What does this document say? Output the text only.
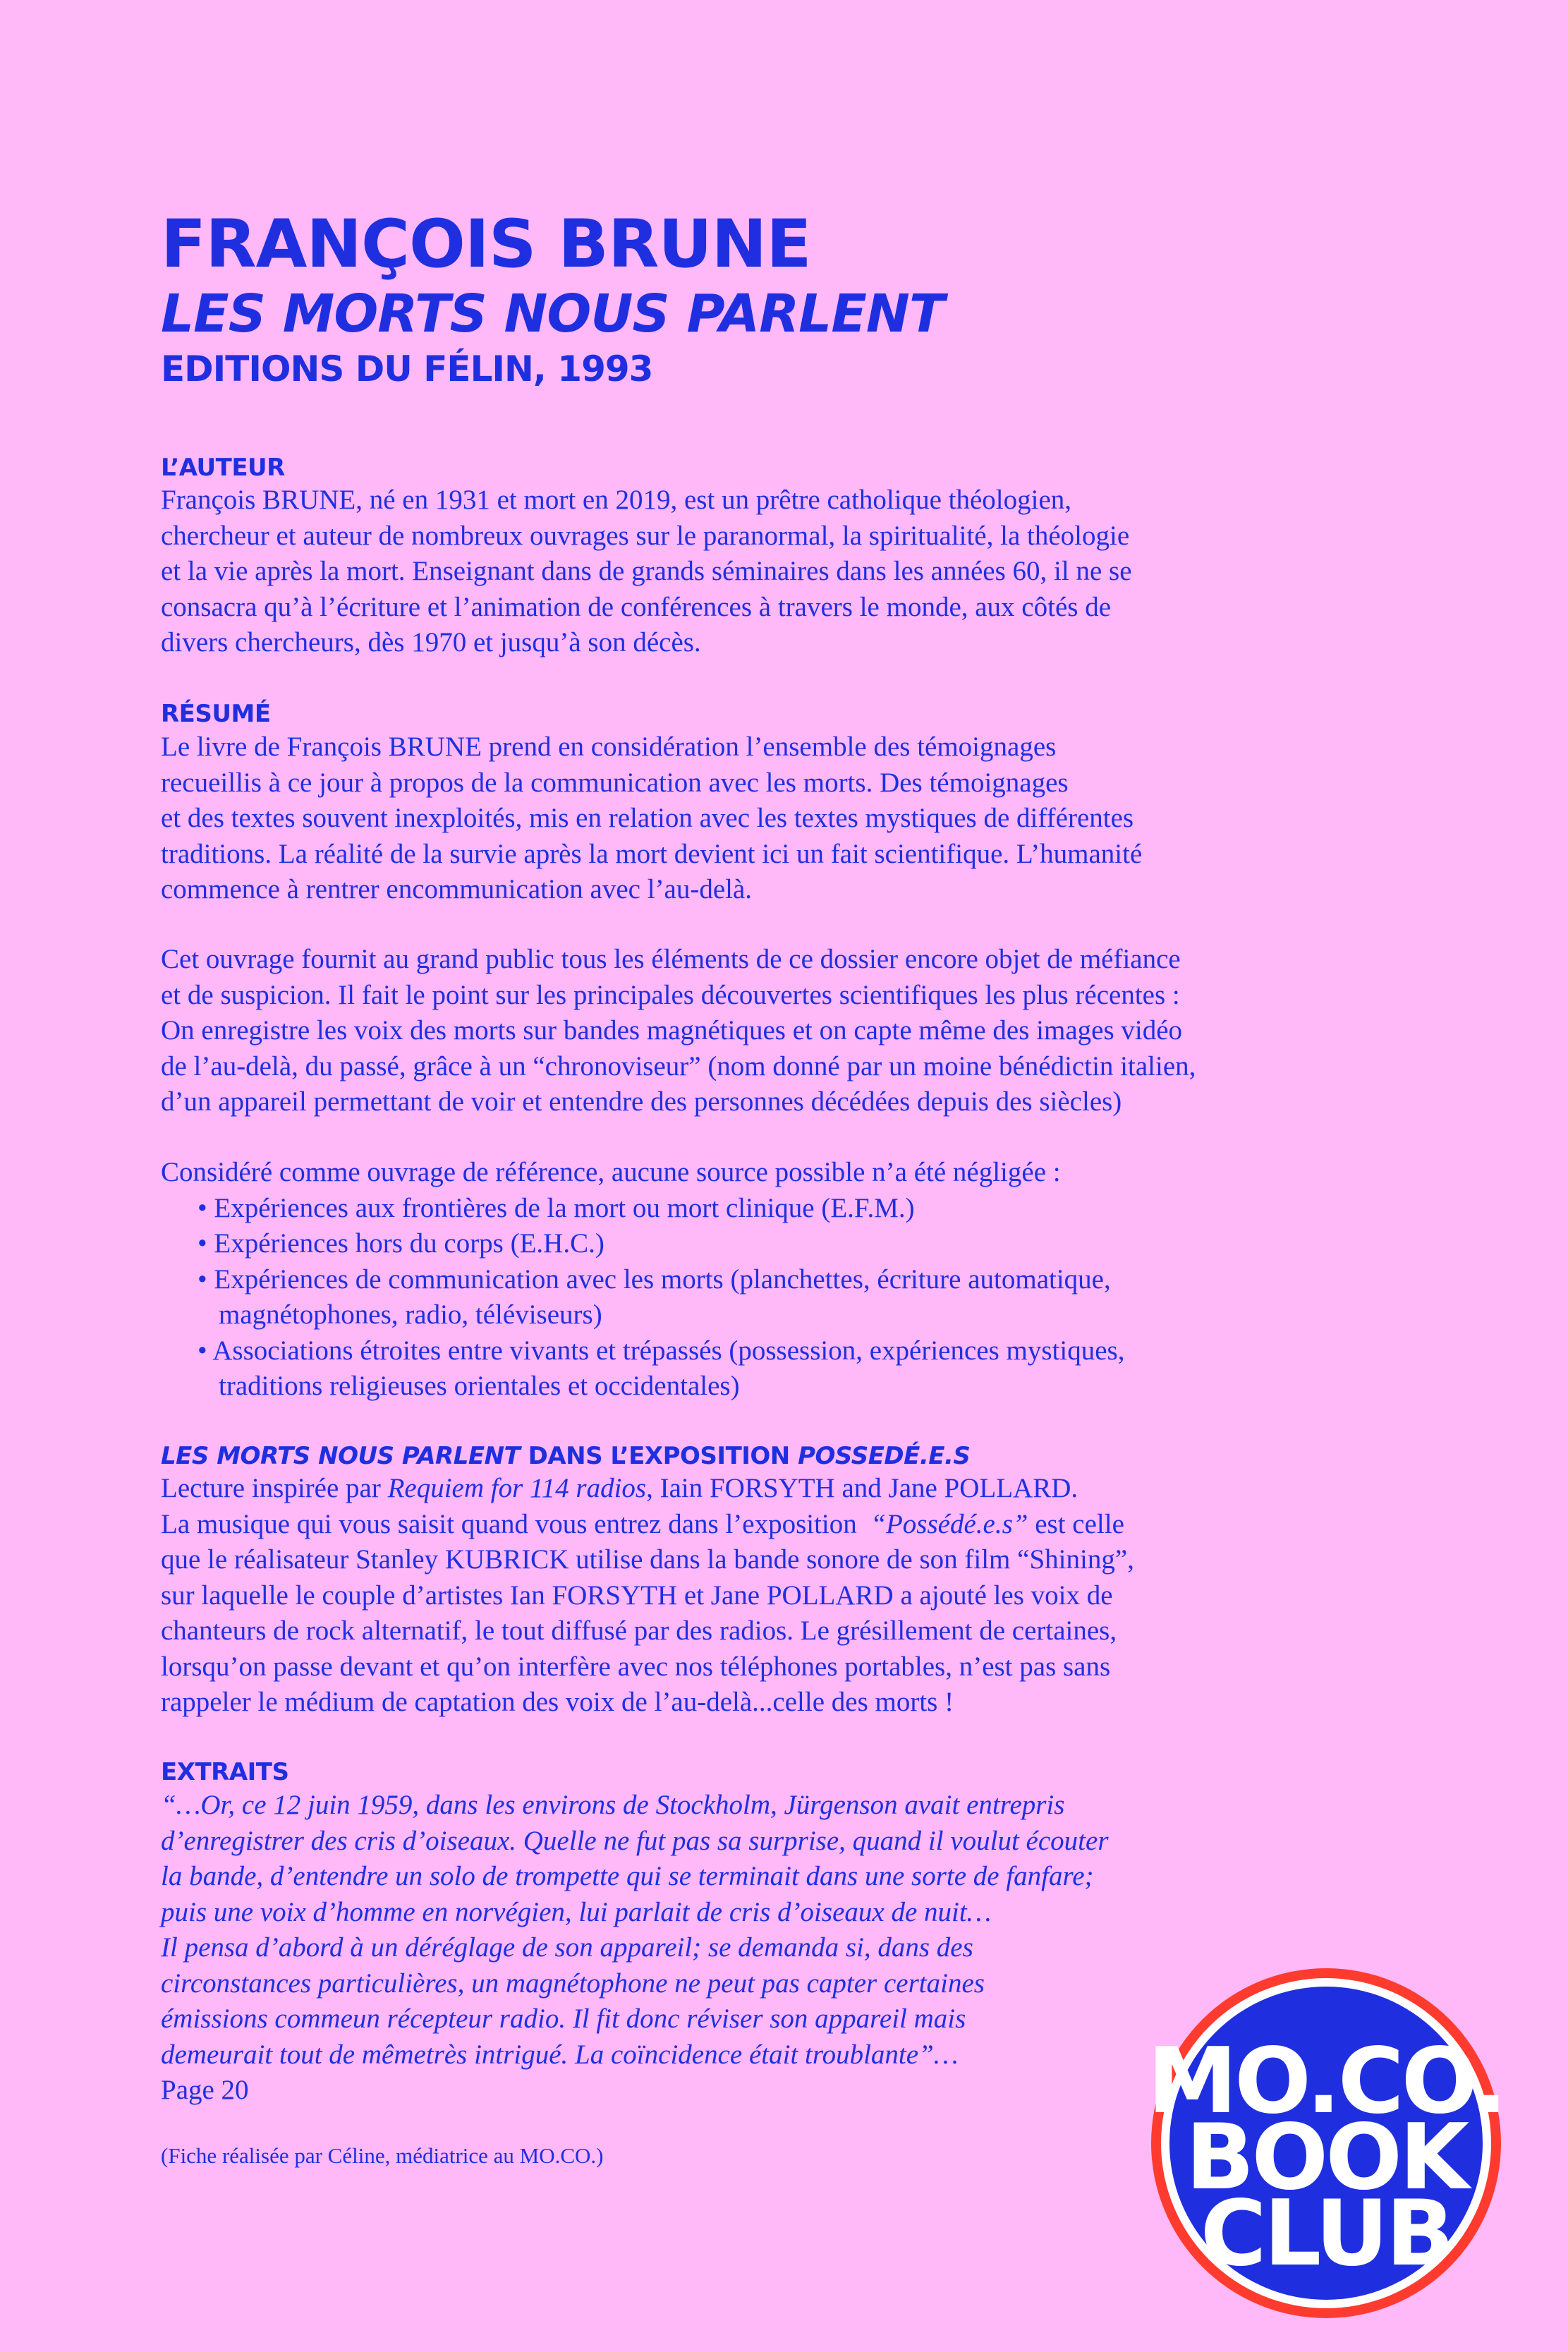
FRANÇOIS BRUNE
LES MORTS NOUS PARLENT
EDITIONS DU FÉLIN, 1993
L’AUTEUR
François BRUNE, né en 1931 et mort en 2019, est un prêtre catholique théologien,
chercheur et auteur de nombreux ouvrages sur le paranormal, la spiritualité, la théologie
et la vie après la mort. Enseignant dans de grands séminaires dans les années 60, il ne se
consacra qu’à l’écriture et l’animation de conférences à travers le monde, aux côtés de
divers chercheurs, dès 1970 et jusqu’à son décès.
RÉSUMÉ
Le livre de François BRUNE prend en considération l’ensemble des témoignages
recueillis à ce jour à propos de la communication avec les morts. Des témoignages
et des textes souvent inexploités, mis en relation avec les textes mystiques de différentes
traditions. La réalité de la survie après la mort devient ici un fait scientifique. L’humanité
commence à rentrer encommunication avec l’au-delà.
Cet ouvrage fournit au grand public tous les éléments de ce dossier encore objet de méfiance
et de suspicion. Il fait le point sur les principales découvertes scientifiques les plus récentes :
On enregistre les voix des morts sur bandes magnétiques et on capte même des images vidéo
de l’au-delà, du passé, grâce à un “chronoviseur” (nom donné par un moine bénédictin italien,
d’un appareil permettant de voir et entendre des personnes décédées depuis des siècles)
Considéré comme ouvrage de référence, aucune source possible n’a été négligée :
• Expériences aux frontières de la mort ou mort clinique (E.F.M.)
• Expériences hors du corps (E.H.C.)
• Expériences de communication avec les morts (planchettes, écriture automatique,
magnétophones, radio, téléviseurs)
• Associations étroites entre vivants et trépassés (possession, expériences mystiques,
traditions religieuses orientales et occidentales)
LES MORTS NOUS PARLENT DANS L’EXPOSITION POSSEDÉ.E.S
Lecture inspirée par Requiem for 114 radios, Iain FORSYTH and Jane POLLARD.
La musique qui vous saisit quand vous entrez dans l’exposition  “Possédé.e.s” est celle
que le réalisateur Stanley KUBRICK utilise dans la bande sonore de son film “Shining”,
sur laquelle le couple d’artistes Ian FORSYTH et Jane POLLARD a ajouté les voix de
chanteurs de rock alternatif, le tout diffusé par des radios. Le grésillement de certaines,
lorsqu’on passe devant et qu’on interfère avec nos téléphones portables, n’est pas sans
rappeler le médium de captation des voix de l’au-delà...celle des morts !
EXTRAITS
“…Or, ce 12 juin 1959, dans les environs de Stockholm, Jürgenson avait entrepris
d’enregistrer des cris d’oiseaux. Quelle ne fut pas sa surprise, quand il voulut écouter
la bande, d’entendre un solo de trompette qui se terminait dans une sorte de fanfare;
puis une voix d’homme en norvégien, lui parlait de cris d’oiseaux de nuit…
Il pensa d’abord à un déréglage de son appareil; se demanda si, dans des
circonstances particulières, un magnétophone ne peut pas capter certaines
émissions commeun récepteur radio. Il fit donc réviser son appareil mais
demeurait tout de mêmetrès intrigué. La coïncidence était troublante”…
Page 20
(Fiche réalisée par Céline, médiatrice au MO.CO.)
MO.CO.
BOOK
CLUB
